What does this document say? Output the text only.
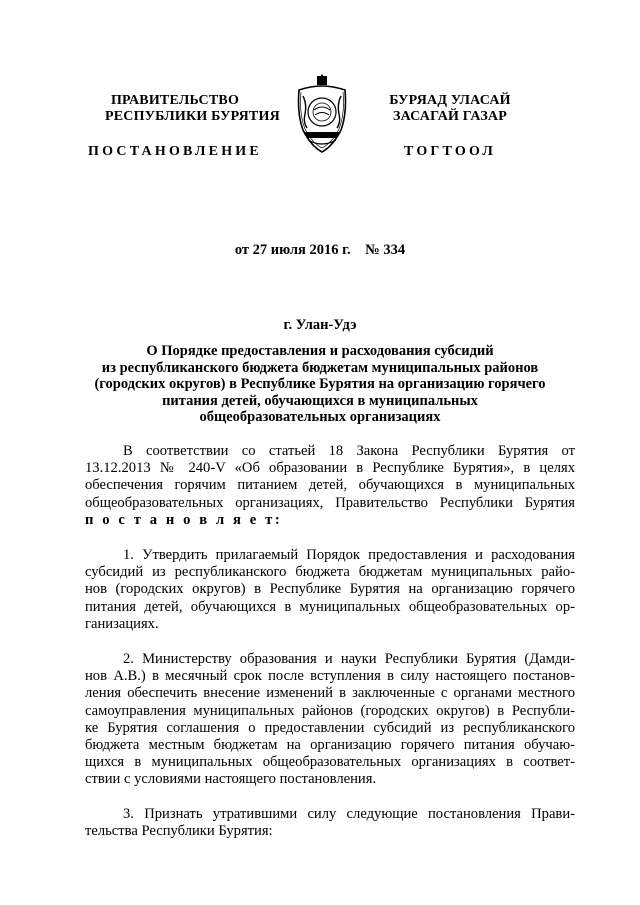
ПРАВИТЕЛЬСТВО
РЕСПУБЛИКИ БУРЯТИЯ
ПОСТАНОВЛЕНИЕ
БУРЯАД УЛАСАЙ
ЗАСАГАЙ ГАЗАР
ТОГТООЛ
от 27 июля 2016 г.    № 334
г. Улан-Удэ
О Порядке предоставления и расходования субсидий
из республиканского бюджета бюджетам муниципальных районов
(городских округов) в Республике Бурятия на организацию горячего
питания детей, обучающихся в муниципальных
общеобразовательных организациях
В соответствии со статьей 18 Закона Республики Бурятия от
13.12.2013 № 240-V «Об образовании в Республике Бурятия», в целях
обеспечения горячим питанием детей, обучающихся в муниципальных
общеобразовательных организациях, Правительство Республики Бурятия
п о с т а н о в л я е т:
1. Утвердить прилагаемый Порядок предоставления и расходования
субсидий из республиканского бюджета бюджетам муниципальных райо-
нов (городских округов) в Республике Бурятия на организацию горячего
питания детей, обучающихся в муниципальных общеобразовательных ор-
ганизациях.
2. Министерству образования и науки Республики Бурятия (Дамди-
нов А.В.) в месячный срок после вступления в силу настоящего постанов-
ления обеспечить внесение изменений в заключенные с органами местного
самоуправления муниципальных районов (городских округов) в Республи-
ке Бурятия соглашения о предоставлении субсидий из республиканского
бюджета местным бюджетам на организацию горячего питания обучаю-
щихся в муниципальных общеобразовательных организациях в соответ-
ствии с условиями настоящего постановления.
3. Признать утратившими силу следующие постановления Прави-
тельства Республики Бурятия:
